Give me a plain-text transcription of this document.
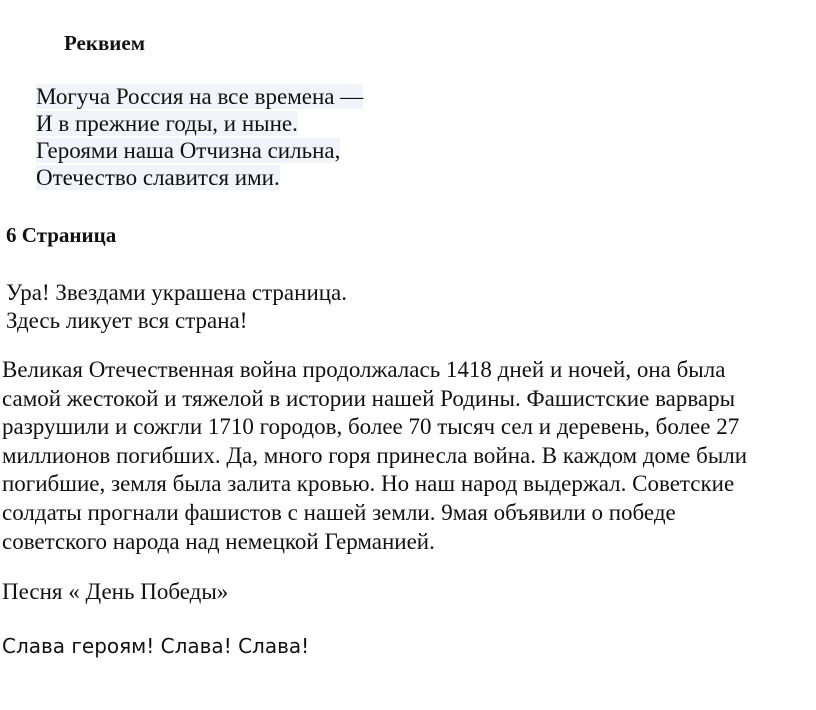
Реквием
Могуча Россия на все времена —
И в прежние годы, и ныне.
Героями наша Отчизна сильна,
Отечество славится ими.
6 Страница
Ура! Звездами украшена страница.
Здесь ликует вся страна!
Великая Отечественная война продолжалась 1418 дней и ночей, она была
самой жестокой и тяжелой в истории нашей Родины. Фашистские варвары
разрушили и сожгли 1710 городов, более 70 тысяч сел и деревень, более 27
миллионов погибших. Да, много горя принесла война. В каждом доме были
погибшие, земля была залита кровью. Но наш народ выдержал. Советские
солдаты прогнали фашистов с нашей земли. 9мая объявили о победе
советского народа над немецкой Германией.
Песня « День Победы»
Слава героям! Слава! Слава!
